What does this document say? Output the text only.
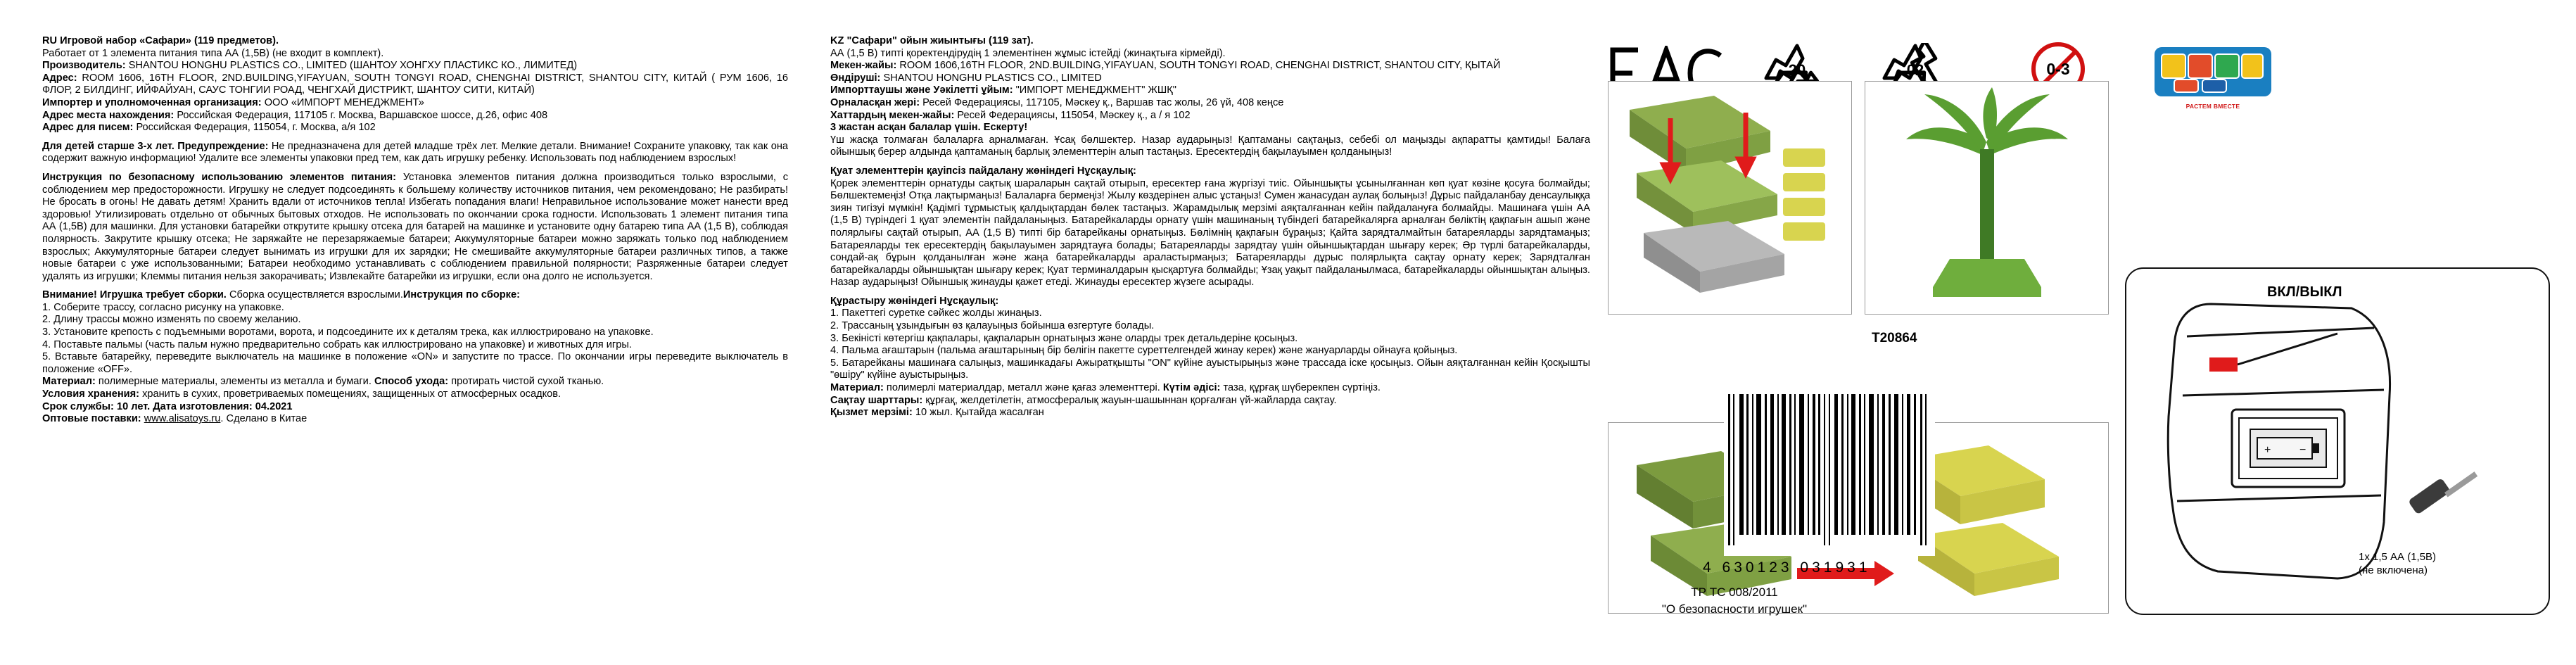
RU Игровой набор «Сафари» (119 предметов).
Работает от 1 элемента питания типа АА (1,5В) (не входит в комплект).
Производитель: SHANTOU HONGHU PLASTICS CO., LIMITED (ШАНТОУ ХОНГХУ ПЛАСТИКС КО., ЛИМИТЕД)
Адрес: ROOM 1606, 16TH FLOOR, 2ND.BUILDING,YIFAYUAN, SOUTH TONGYI ROAD, CHENGHAI DISTRICT, SHANTOU CITY, КИТАЙ ( РУМ 1606, 16 ФЛОР, 2 БИЛДИНГ, ИЙФАЙУАН, САУС ТОНГИИ РОАД, ЧЕНГХАЙ ДИСТРИКТ, ШАНТОУ СИТИ, КИТАЙ)
Импортер и уполномоченная организация: ООО «ИМПОРТ МЕНЕДЖМЕНТ»
Адрес места нахождения: Российская Федерация, 117105 г. Москва, Варшавское шоссе, д.26, офис 408
Адрес для писем: Российская Федерация, 115054, г. Москва, а/я 102
Для детей старше 3-х лет. Предупреждение: Не предназначена для детей младше трёх лет. Мелкие детали. Внимание! Сохраните упаковку, так как она содержит важную информацию! Удалите все элементы упаковки пред тем, как дать игрушку ребенку. Использовать под наблюдением взрослых!
Инструкция по безопасному использованию элементов питания: Установка элементов питания должна производиться только взрослыми, с соблюдением мер предосторожности. Игрушку не следует подсоединять к большему количеству источников питания, чем рекомендовано; Не разбирать! Не бросать в огонь! Не давать детям! Хранить вдали от источников тепла! Избегать попадания влаги! Неправильное использование может нанести вред здоровью! Утилизировать отдельно от обычных бытовых отходов. Не использовать по окончании срока годности. Использовать 1 элемент питания типа АА (1,5В) для машинки. Для установки батарейки открутите крышку отсека для батарей на машинке и установите одну батарею типа АА (1,5 В), соблюдая полярность. Закрутите крышку отсека; Не заряжайте не перезаряжаемые батареи; Аккумуляторные батареи можно заряжать только под наблюдением взрослых; Аккумуляторные батареи следует вынимать из игрушки для их зарядки; Не смешивайте аккумуляторные батареи различных типов, а также новые батареи с уже использованными; Батареи необходимо устанавливать с соблюдением правильной полярности; Разряженные батареи следует удалять из игрушки; Клеммы питания нельзя закорачивать; Извлекайте батарейки из игрушки, если она долго не используется.
Внимание! Игрушка требует сборки. Сборка осуществляется взрослыми.Инструкция по сборке:
1. Соберите трассу, согласно рисунку на упаковке.
2. Длину трассы можно изменять по своему желанию.
3. Установите крепость с подъемными воротами, ворота, и подсоедините их к деталям трека, как иллюстрировано на упаковке.
4. Поставьте пальмы (часть пальм нужно предварительно собрать как иллюстрировано на упаковке) и животных для игры.
5. Вставьте батарейку, переведите выключатель на машинке в положение «ON» и запустите по трассе. По окончании игры переведите выключатель в положение «OFF».
Материал: полимерные материалы, элементы из металла и бумаги. Способ ухода: протирать чистой сухой тканью.
Условия хранения: хранить в сухих, проветриваемых помещениях, защищенных от атмосферных осадков.
Срок службы: 10 лет. Дата изготовления: 04.2021
Оптовые поставки: www.alisatoys.ru. Сделано в Китае
KZ "Сафари" ойын жиынтығы (119 зат).
АА (1,5 В) типті қоректендірудің 1 элементінен жұмыс істейді (жинақтыға кірмейді).
Мекен-жайы: ROOM 1606,16TH FLOOR, 2ND.BUILDING,YIFAYUAN, SOUTH TONGYI ROAD, CHENGHAI DISTRICT, SHANTOU CITY, ҚЫТАЙ
Өндіруші: SHANTOU HONGHU PLASTICS CO., LIMITED
Импорттаушы және Уәкілетті ұйым: "ИМПОРТ МЕНЕДЖМЕНТ" ЖШҚ"
Орналасқан жері: Ресей Федерациясы, 117105, Мәскеу қ., Варшав тас жолы, 26 үй, 408 кеңсе
Хаттардың мекен-жайы: Ресей Федерациясы, 115054, Мәскеу қ., а / я 102
3 жастан асқан балалар үшін. Ескерту!
Үш жасқа толмаған балаларға арналмаған. Ұсақ бөлшектер. Назар аударыңыз! Қаптаманы сақтаңыз, себебі ол маңызды ақпаратты қамтиды! Балаға ойыншық берер алдында қаптаманың барлық элементтерін алып тастаңыз. Ересектердің бақылауымен қолданыңыз!
Қуат элементтерін қауіпсіз пайдалану жөніндегі Нұсқаулық:
Қорек элементтерін орнатуды сақтық шараларын сақтай отырып, ересектер ғана жүргізуі тиіс. Ойыншықты ұсынылғаннан көп қуат көзіне қосуға болмайды; Бөлшектемеңіз! Отқа лақтырмаңыз! Балаларға бермеңіз! Жылу көздерінен алыс ұстаңыз! Сумен жанасудан аулақ болыңыз! Дұрыс пайдаланбау денсаулыққа зиян тигізуі мүмкін! Қадімгі тұрмыстық қалдықтардан бөлек тастаңыз. Жарамдылық мерзімі аяқталғаннан кейін пайдалануға болмайды. Машинаға үшін АА (1,5 В) түріндегі 1 қуат элементін пайдаланыңыз. Батарейкаларды орнату үшін машинаның түбіндегі батарейкалярға арналған бөліктің қақпағын ашып және полярлығы сақтай отырып, АА (1,5 В) типті бір батарейканы орнатыңыз. Бөлімнің қақпағын бұраңыз; Қайта зарядталмайтын батареяларды зарядтамаңыз; Батареяларды тек ересектердің бақылауымен зарядтауға болады; Батареяларды зарядтау үшін ойыншықтардан шығару керек; Әр түрлі батарейкаларды, сондай-ақ бұрын қолданылған және жаңа батарейкаларды араластырмаңыз; Батареяларды дұрыс полярлықта сақтау орнату керек; Зарядталған батарейкаларды ойыншықтан шығару керек; Қуат терминалдарын қысқартуға болмайды; Ұзақ уақыт пайдаланылмаса, батарейкаларды ойыншықтан алыңыз. Назар аударыңыз! Ойыншық жинауды қажет етеді. Жинауды ересектер жүзеге асырады.
Құрастыру жөніндегі Нұсқаулық:
1. Пакеттегі суретке сәйкес жолды жинаңыз.
2. Трассаның ұзындығын өз қалауыңыз бойынша өзгертуге болады.
3. Бекіністі көтергіш қақпалары, қақпаларын орнатыңыз және оларды трек детальдеріне қосыңыз.
4. Пальма ағаштарын (пальма ағаштарының бір бөлігін пакетте суреттелгендей жинау керек) және жануарларды ойнауға қойыңыз.
5. Батарейканы машинаға салыңыз, машинкадағы Ажыратқышты "ON" күйіне ауыстырыңыз және трассада іске қосыңыз. Ойын аяқталғаннан кейін Қосқышты "өшіру" күйіне ауыстырыңыз.
Материал: полимерлі материалдар, металл және қағаз элементтері. Күтім әдісі: таза, құрғақ шүберекпен сүртіңіз.
Сақтау шарттары: құрғақ, желдетілетін, атмосфералық жауын-шашыннан қорғалған үй-жайларда сақтау.
Қызмет мерзімі: 10 жыл. Қытайда жасалған
20	02	0-3
РАСТЕМ ВМЕСТЕ
T20864
4 630123 031931
ТР ТС 008/2011
"О безопасности игрушек"
+	−
ВКЛ/ВЫКЛ
1x 1,5 АА (1,5В)
(не включена)
